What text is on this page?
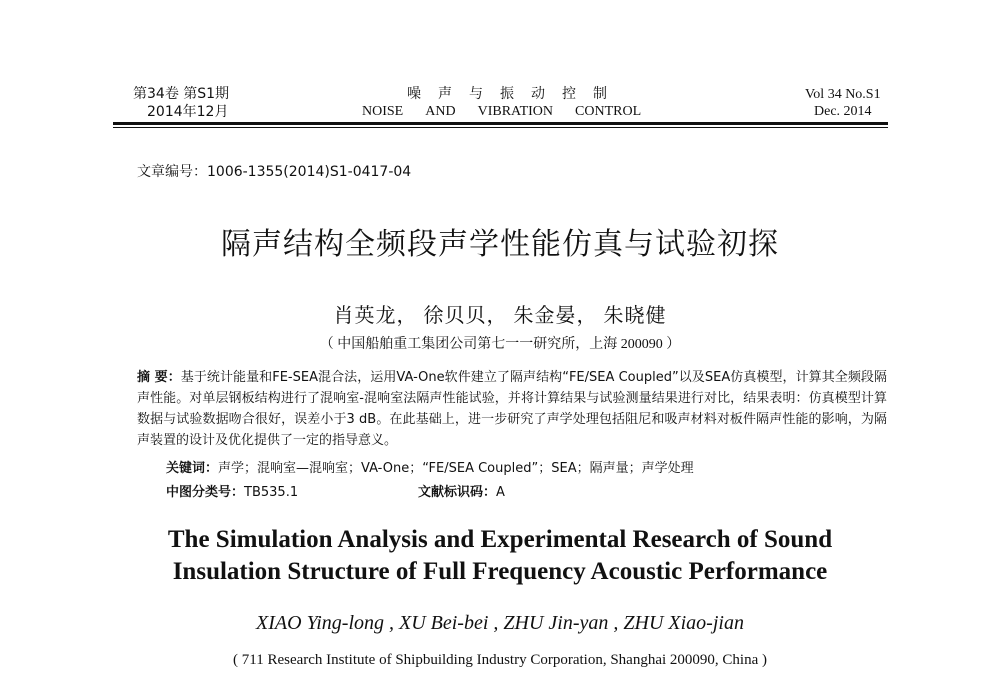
第34卷 第S1期
2014年12月
噪声与振动控制
NOISE AND VIBRATION CONTROL
Vol 34 No.S1
Dec. 2014
文章编号：1006-1355(2014)S1-0417-04
隔声结构全频段声学性能仿真与试验初探
肖英龙， 徐贝贝， 朱金晏， 朱晓健
（ 中国船舶重工集团公司第七一一研究所，上海 200090 ）
摘 要：基于统计能量和FE-SEA混合法，运用VA-One软件建立了隔声结构“FE/SEA Coupled”以及SEA仿真模型，计算其全频段隔声性能。对单层钢板结构进行了混响室-混响室法隔声性能试验，并将计算结果与试验测量结果进行对比，结果表明：仿真模型计算数据与试验数据吻合很好，误差小于3 dB。在此基础上，进一步研究了声学处理包括阻尼和吸声材料对板件隔声性能的影响，为隔声装置的设计及优化提供了一定的指导意义。
关键词：声学；混响室—混响室；VA-One；“FE/SEA Coupled”；SEA；隔声量；声学处理
中图分类号：TB535.1	文献标识码：A
The Simulation Analysis and Experimental Research of Sound
Insulation Structure of Full Frequency Acoustic Performance
XIAO Ying-long , XU Bei-bei , ZHU Jin-yan , ZHU Xiao-jian
( 711 Research Institute of Shipbuilding Industry Corporation, Shanghai 200090, China )
